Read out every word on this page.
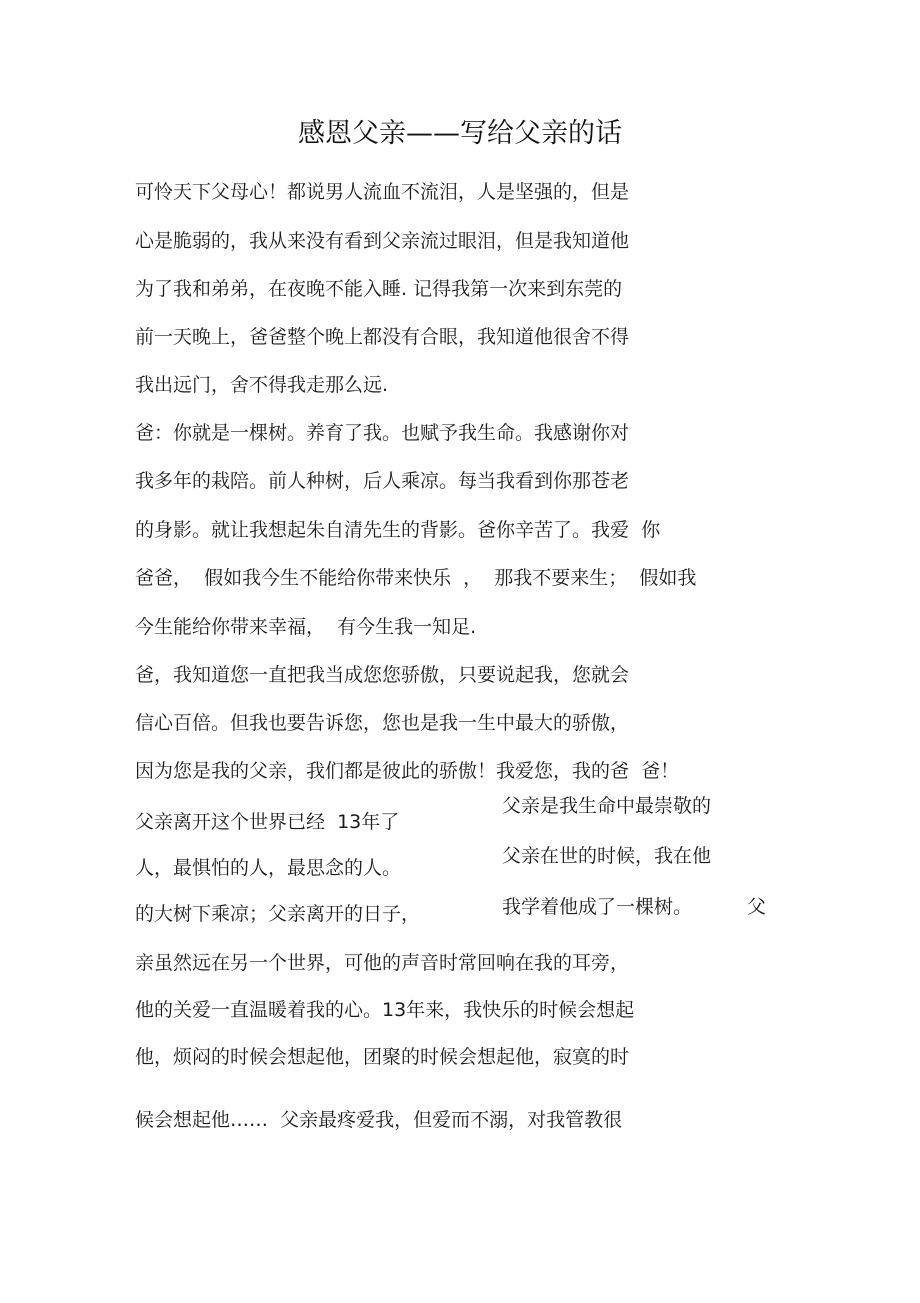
感恩父亲——写给父亲的话
可怜天下父母心！都说男人流血不流泪，人是坚强的，但是
心是脆弱的，我从来没有看到父亲流过眼泪，但是我知道他
为了我和弟弟，在夜晚不能入睡. 记得我第一次来到东莞的
前一天晚上，爸爸整个晚上都没有合眼，我知道他很舍不得
我出远门，舍不得我走那么远.
爸：你就是一棵树。养育了我。也赋予我生命。我感谢你对
我多年的栽陪。前人种树，后人乘凉。每当我看到你那苍老
的身影。就让我想起朱自清先生的背影。爸你辛苦了。我爱  你
爸爸，  假如我今生不能给你带来快乐  ，  那我不要来生；  假如我
今生能给你带来幸福，  有今生我一知足.
爸，我知道您一直把我当成您您骄傲，只要说起我，您就会
信心百倍。但我也要告诉您，您也是我一生中最大的骄傲，
因为您是我的父亲，我们都是彼此的骄傲！我爱您，我的爸  爸！
父亲是我生命中最崇敬的
父亲离开这个世界已经  13年了
父亲在世的时候，我在他
人，最惧怕的人，最思念的人。
我学着他成了一棵树。	父
的大树下乘凉；父亲离开的日子，
亲虽然远在另一个世界，可他的声音时常回响在我的耳旁，
他的关爱一直温暖着我的心。13年来，我快乐的时候会想起
他，烦闷的时候会想起他，团聚的时候会想起他，寂寞的时
候会想起他……  父亲最疼爱我，但爱而不溺，对我管教很
